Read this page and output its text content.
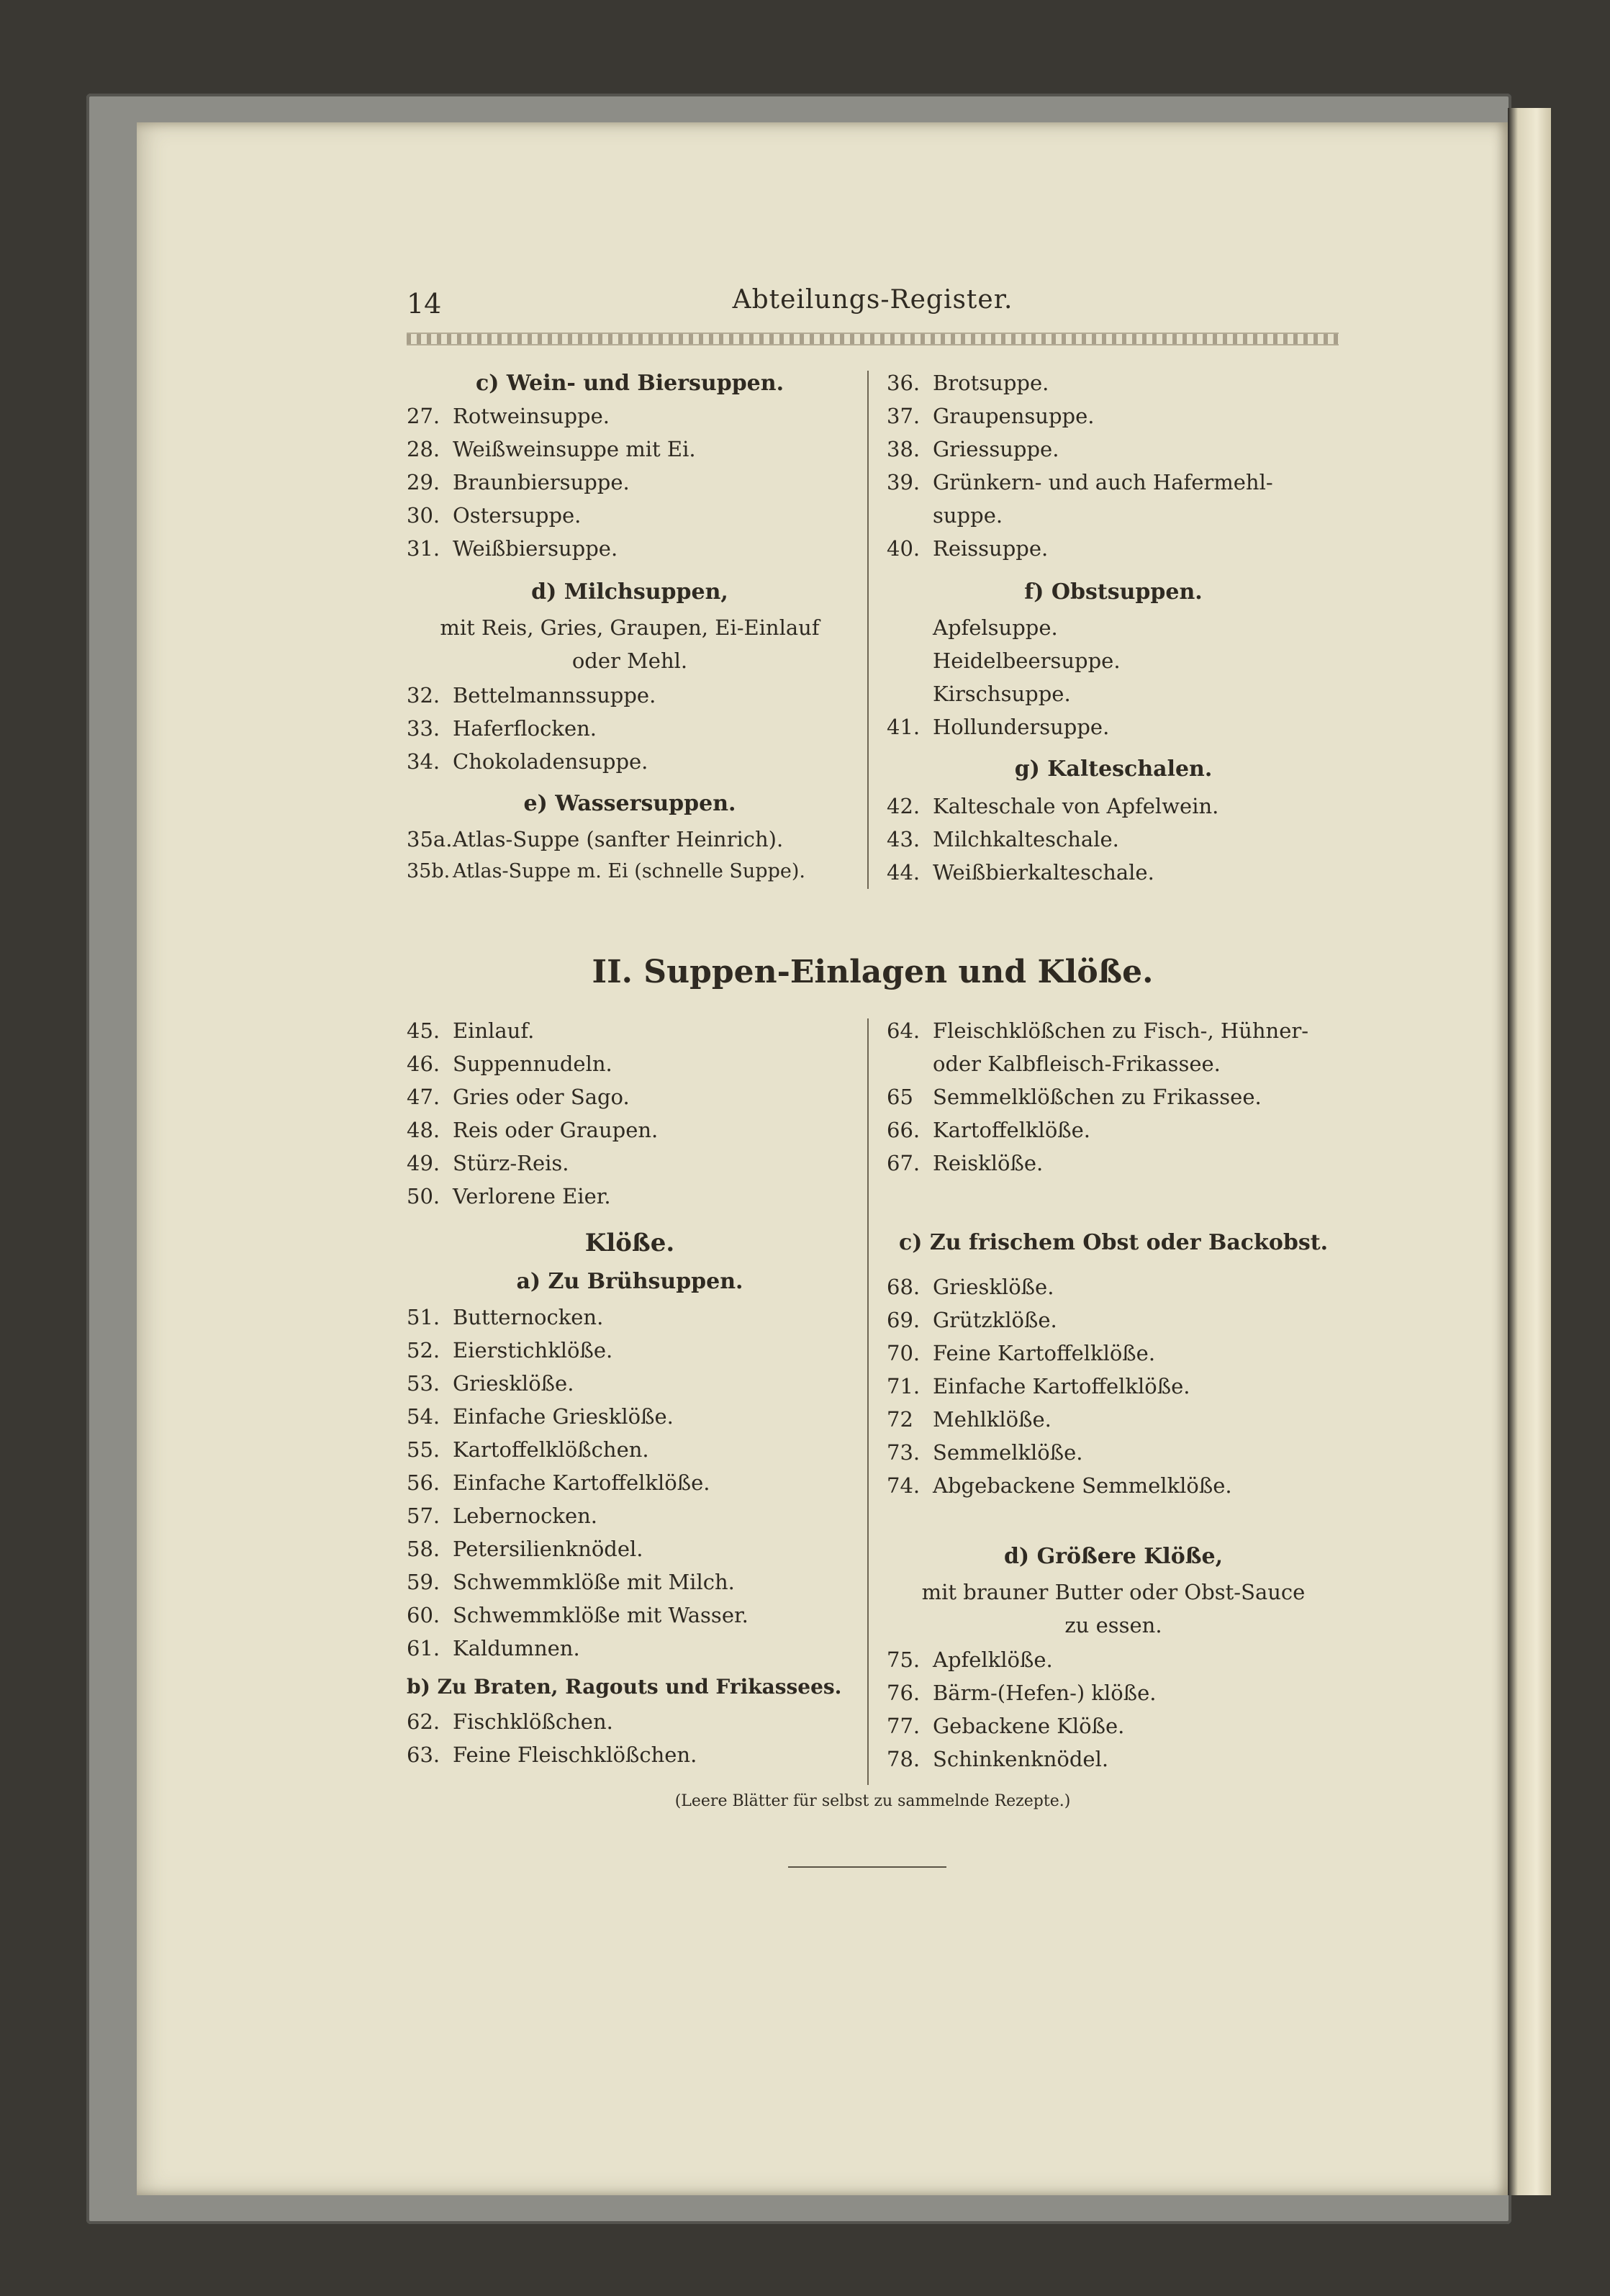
14	Abteilungs-Register.
c) Wein- und Biersuppen.
27. Rotweinsuppe.
28. Weißweinsuppe mit Ei.
29. Braunbiersuppe.
30. Ostersuppe.
31. Weißbiersuppe.
d) Milchsuppen,
mit Reis, Gries, Graupen, Ei-Einlauf
oder Mehl.
32. Bettelmannssuppe.
33. Haferflocken.
34. Chokoladensuppe.
e) Wassersuppen.
35a.Atlas-Suppe (sanfter Heinrich).
35b. Atlas-Suppe m. Ei (schnelle Suppe).
36. Brotsuppe.
37. Graupensuppe.
38. Griessuppe.
39. Grünkern- und auch Hafermehl-
suppe.
40. Reissuppe.
f) Obstsuppen.
Apfelsuppe.
Heidelbeersuppe.
Kirschsuppe.
41. Hollundersuppe.
g) Kalteschalen.
42. Kalteschale von Apfelwein.
43. Milchkalteschale.
44. Weißbierkalteschale.
II. Suppen-Einlagen und Klöße.
45. Einlauf.
46. Suppennudeln.
47. Gries oder Sago.
48. Reis oder Graupen.
49. Stürz-Reis.
50. Verlorene Eier.
Klöße.
a) Zu Brühsuppen.
51. Butternocken.
52. Eierstichklöße.
53. Griesklöße.
54. Einfache Griesklöße.
55. Kartoffelklößchen.
56. Einfache Kartoffelklöße.
57. Lebernocken.
58. Petersilienknödel.
59. Schwemmklöße mit Milch.
60. Schwemmklöße mit Wasser.
61. Kaldumnen.
b) Zu Braten, Ragouts und Frikassees.
62. Fischklößchen.
63. Feine Fleischklößchen.
64. Fleischklößchen zu Fisch-, Hühner-
oder Kalbfleisch-Frikassee.
65 Semmelklößchen zu Frikassee.
66. Kartoffelklöße.
67. Reisklöße.
c) Zu frischem Obst oder Backobst.
68. Griesklöße.
69. Grützklöße.
70. Feine Kartoffelklöße.
71. Einfache Kartoffelklöße.
72 Mehlklöße.
73. Semmelklöße.
74. Abgebackene Semmelklöße.
d) Größere Klöße,
mit brauner Butter oder Obst-Sauce
zu essen.
75. Apfelklöße.
76. Bärm-(Hefen-) klöße.
77. Gebackene Klöße.
78. Schinkenknödel.
(Leere Blätter für selbst zu sammelnde Rezepte.)
